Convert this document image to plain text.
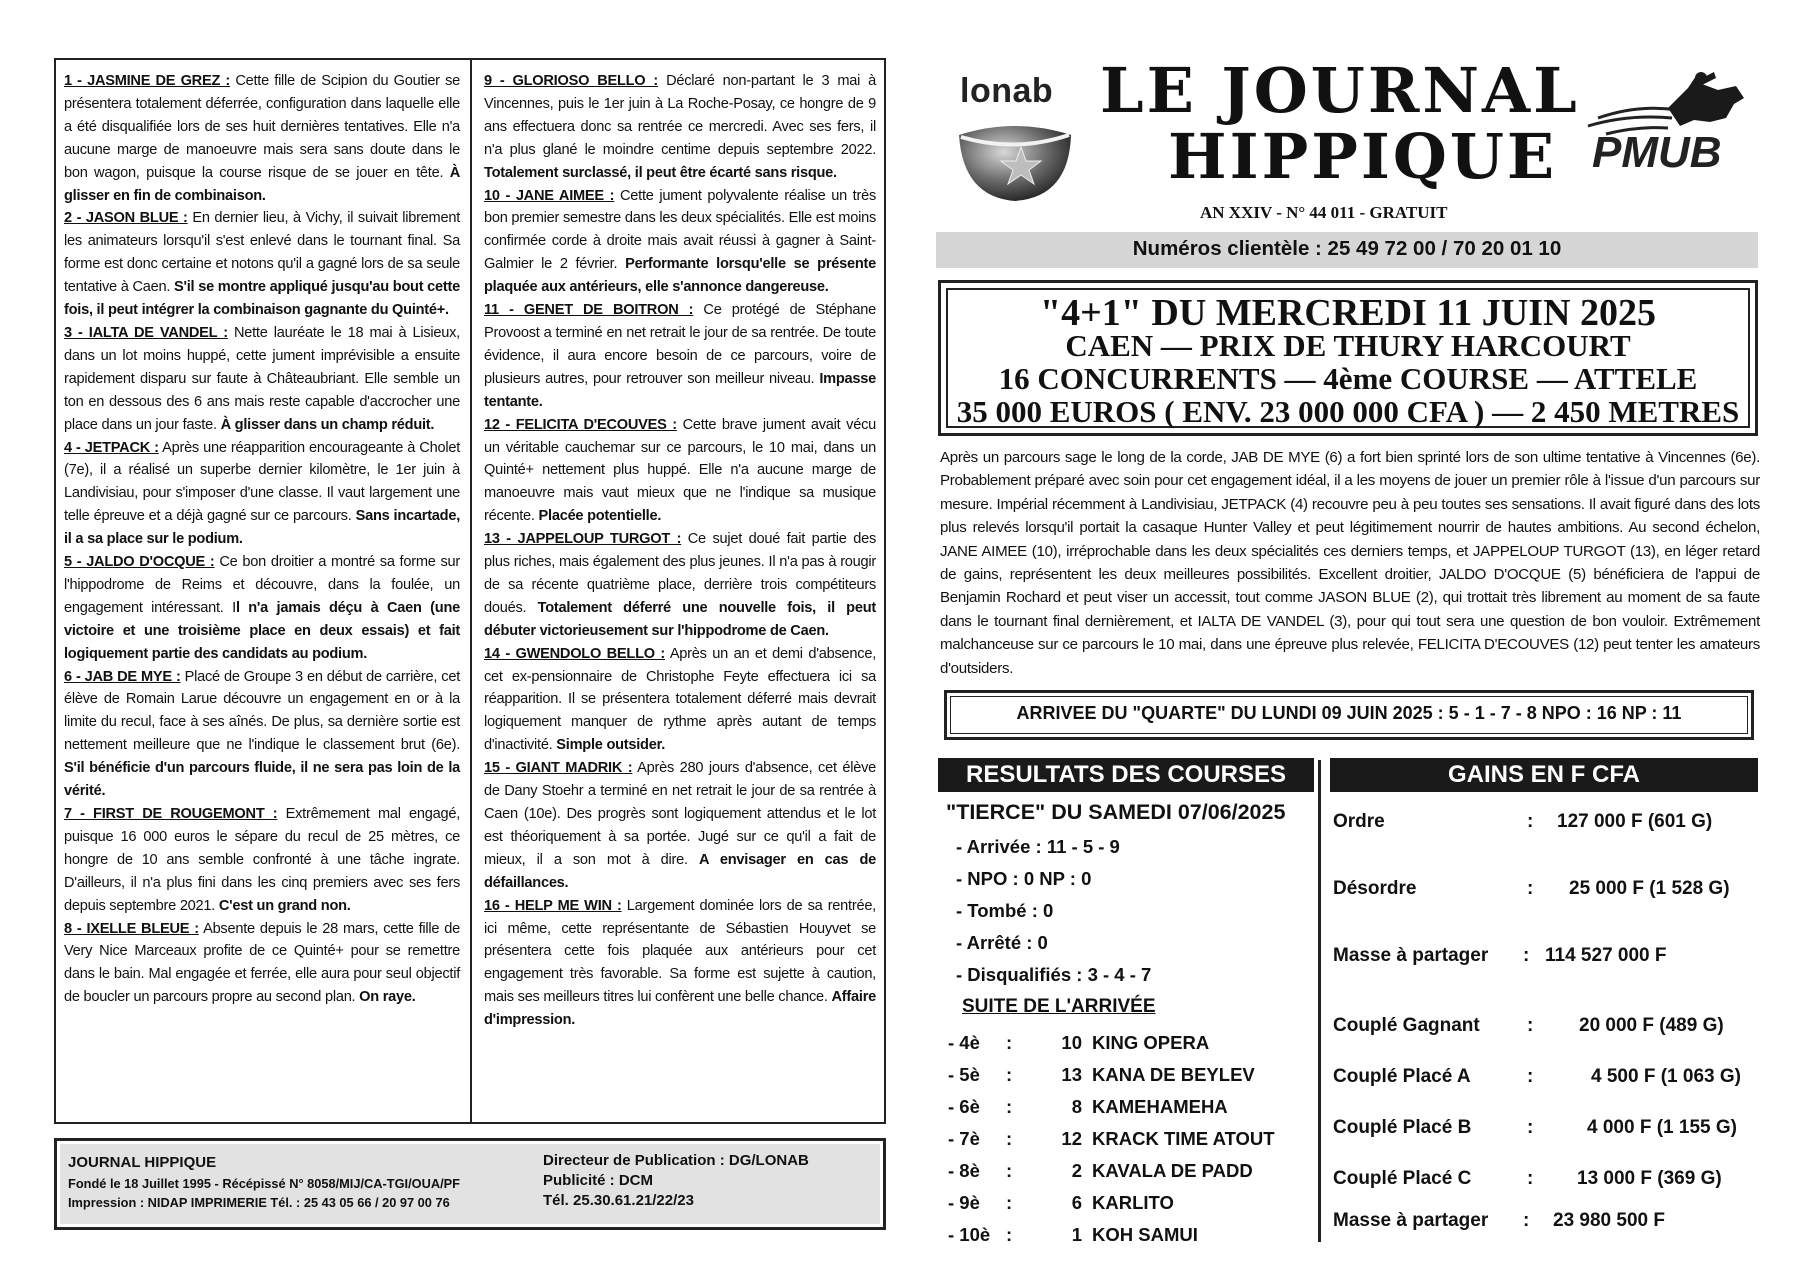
1 - JASMINE DE GREZ : Cette fille de Scipion du Goutier se présentera totalement déferrée, configuration dans laquelle elle a été disqualifiée lors de ses huit dernières tentatives. Elle n'a aucune marge de manoeuvre mais sera sans doute dans le bon wagon, puisque la course risque de se jouer en tête. À glisser en fin de combinaison.

2 - JASON BLUE : En dernier lieu, à Vichy, il suivait librement les animateurs lorsqu'il s'est enlevé dans le tournant final. Sa forme est donc certaine et notons qu'il a gagné lors de sa seule tentative à Caen. S'il se montre appliqué jusqu'au bout cette fois, il peut intégrer la combinaison gagnante du Quinté+.

3 - IALTA DE VANDEL : Nette lauréate le 18 mai à Lisieux, dans un lot moins huppé, cette jument imprévisible a ensuite rapidement disparu sur faute à Châteaubriant. Elle semble un ton en dessous des 6 ans mais reste capable d'accrocher une place dans un jour faste. À glisser dans un champ réduit.

4 - JETPACK : Après une réapparition encourageante à Cholet (7e), il a réalisé un superbe dernier kilomètre, le 1er juin à Landivisiau, pour s'imposer d'une classe. Il vaut largement une telle épreuve et a déjà gagné sur ce parcours. Sans incartade, il a sa place sur le podium.

5 - JALDO D'OCQUE : Ce bon droitier a montré sa forme sur l'hippodrome de Reims et découvre, dans la foulée, un engagement intéressant. Il n'a jamais déçu à Caen (une victoire et une troisième place en deux essais) et fait logiquement partie des candidats au podium.

6 - JAB DE MYE : Placé de Groupe 3 en début de carrière, cet élève de Romain Larue découvre un engagement en or à la limite du recul, face à ses aînés. De plus, sa dernière sortie est nettement meilleure que ne l'indique le classement brut (6e). S'il bénéficie d'un parcours fluide, il ne sera pas loin de la vérité.

7 - FIRST DE ROUGEMONT : Extrêmement mal engagé, puisque 16 000 euros le sépare du recul de 25 mètres, ce hongre de 10 ans semble confronté à une tâche ingrate. D'ailleurs, il n'a plus fini dans les cinq premiers avec ses fers depuis septembre 2021. C'est un grand non.

8 - IXELLE BLEUE : Absente depuis le 28 mars, cette fille de Very Nice Marceaux profite de ce Quinté+ pour se remettre dans le bain. Mal engagée et ferrée, elle aura pour seul objectif de boucler un parcours propre au second plan. On raye.

9 - GLORIOSO BELLO : Déclaré non-partant le 3 mai à Vincennes, puis le 1er juin à La Roche-Posay, ce hongre de 9 ans effectuera donc sa rentrée ce mercredi. Avec ses fers, il n'a plus glané le moindre centime depuis septembre 2022. Totalement surclassé, il peut être écarté sans risque.

10 - JANE AIMEE : Cette jument polyvalente réalise un très bon premier semestre dans les deux spécialités. Elle est moins confirmée corde à droite mais avait réussi à gagner à Saint-Galmier le 2 février. Performante lorsqu'elle se présente plaquée aux antérieurs, elle s'annonce dangereuse.

11 - GENET DE BOITRON : Ce protégé de Stéphane Provoost a terminé en net retrait le jour de sa rentrée. De toute évidence, il aura encore besoin de ce parcours, voire de plusieurs autres, pour retrouver son meilleur niveau. Impasse tentante.

12 - FELICITA D'ECOUVES : Cette brave jument avait vécu un véritable cauchemar sur ce parcours, le 10 mai, dans un Quinté+ nettement plus huppé. Elle n'a aucune marge de manoeuvre mais vaut mieux que ne l'indique sa musique récente. Placée potentielle.

13 - JAPPELOUP TURGOT : Ce sujet doué fait partie des plus riches, mais également des plus jeunes. Il n'a pas à rougir de sa récente quatrième place, derrière trois compétiteurs doués. Totalement déferré une nouvelle fois, il peut débuter victorieusement sur l'hippodrome de Caen.

14 - GWENDOLO BELLO : Après un an et demi d'absence, cet ex-pensionnaire de Christophe Feyte effectuera ici sa réapparition. Il se présentera totalement déferré mais devrait logiquement manquer de rythme après autant de temps d'inactivité. Simple outsider.

15 - GIANT MADRIK : Après 280 jours d'absence, cet élève de Dany Stoehr a terminé en net retrait le jour de sa rentrée à Caen (10e). Des progrès sont logiquement attendus et le lot est théoriquement à sa portée. Jugé sur ce qu'il a fait de mieux, il a son mot à dire. A envisager en cas de défaillances.

16 - HELP ME WIN : Largement dominée lors de sa rentrée, ici même, cette représentante de Sébastien Houyvet se présentera cette fois plaquée aux antérieurs pour cet engagement très favorable. Sa forme est sujette à caution, mais ses meilleurs titres lui confèrent une belle chance. Affaire d'impression.

JOURNAL HIPPIQUE
Fondé le 18 Juillet 1995 - Récépissé N° 8058/MIJ/CA-TGI/OUA/PF
Impression : NIDAP IMPRIMERIE Tél. : 25 43 05 66 / 20 97 00 76
Directeur de Publication : DG/LONAB
Publicité : DCM
Tél. 25.30.61.21/22/23
lonab LE JOURNAL
HIPPIQUE PMUB
AN XXIV - N° 44 011 - GRATUIT
Numéros clientèle : 25 49 72 00 / 70 20 01 10
"4+1" DU MERCREDI 11 JUIN 2025
CAEN — PRIX DE THURY HARCOURT
16 CONCURRENTS — 4ème COURSE — ATTELE
35 000 EUROS ( ENV. 23 000 000 CFA ) — 2 450 METRES
Après un parcours sage le long de la corde, JAB DE MYE (6) a fort bien sprinté lors de son ultime tentative à Vincennes (6e). Probablement préparé avec soin pour cet engagement idéal, il a les moyens de jouer un premier rôle à l'issue d'un parcours sur mesure. Impérial récemment à Landivisiau, JETPACK (4) recouvre peu à peu toutes ses sensations. Il avait figuré dans des lots plus relevés lorsqu'il portait la casaque Hunter Valley et peut légitimement nourrir de hautes ambitions. Au second échelon, JANE AIMEE (10), irréprochable dans les deux spécialités ces derniers temps, et JAPPELOUP TURGOT (13), en léger retard de gains, représentent les deux meilleures possibilités. Excellent droitier, JALDO D'OCQUE (5) bénéficiera de l'appui de Benjamin Rochard et peut viser un accessit, tout comme JASON BLUE (2), qui trottait très librement au moment de sa faute dans le tournant final dernièrement, et IALTA DE VANDEL (3), pour qui tout sera une question de bon vouloir. Extrêmement malchanceuse sur ce parcours le 10 mai, dans une épreuve plus relevée, FELICITA D'ECOUVES (12) peut tenter les amateurs d'outsiders.
ARRIVEE DU "QUARTE" DU LUNDI 09 JUIN 2025 : 5 - 1 - 7 - 8 NPO : 16 NP : 11
RESULTATS DES COURSES	GAINS EN F CFA
"TIERCE" DU SAMEDI 07/06/2025
- Arrivée : 11 - 5 - 9
- NPO : 0 NP : 0
- Tombé : 0
- Arrêté : 0
- Disqualifiés : 3 - 4 - 7
SUITE DE L'ARRIVÉE
- 4è :	10 KING OPERA
- 5è :	13 KANA DE BEYLEV
- 6è :	8 KAMEHAMEHA
- 7è :	12 KRACK TIME ATOUT
- 8è :	2 KAVALA DE PADD
- 9è :	6 KARLITO
- 10è :	1 KOH SAMUI
Ordre	: 127 000 F (601 G)
Désordre	: 25 000 F (1 528 G)
Masse à partager : 114 527 000 F
Couplé Gagnant : 20 000 F (489 G)
Couplé Placé A	:	4 500 F (1 063 G)
Couplé Placé B	:	4 000 F (1 155 G)
Couplé Placé C	: 13 000 F (369 G)
Masse à partager : 23 980 500 F
